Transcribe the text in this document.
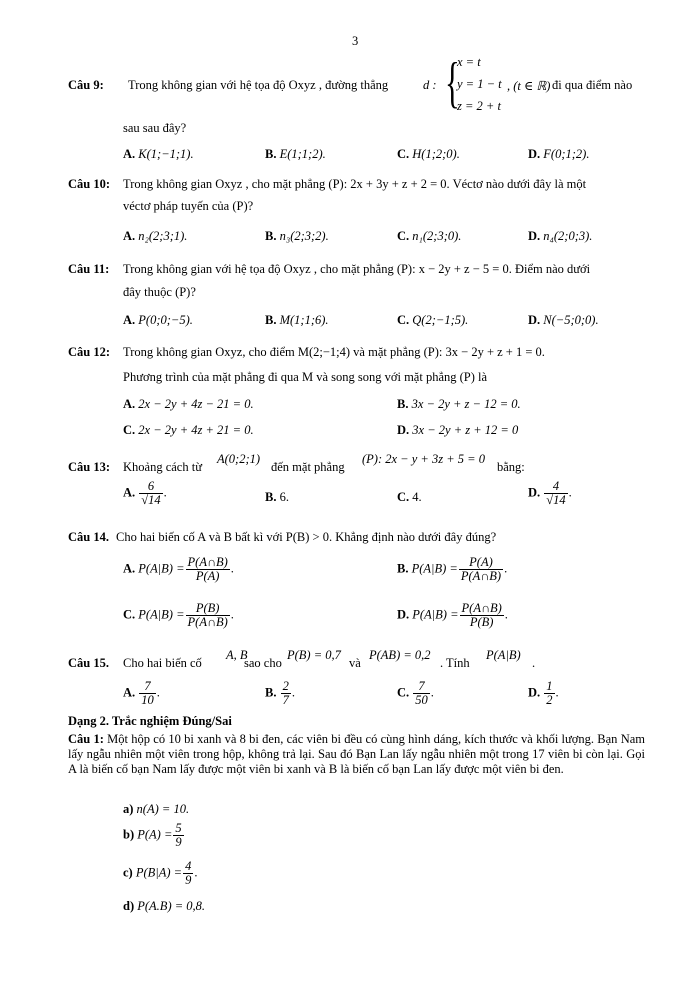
3
Câu 9: Trong không gian với hệ tọa độ Oxyz , đường thẳng	d : {
x = t
y = 1 − t
z = 2 + t
, (t ∈ ℝ) đi qua điểm nào
sau sau đây?
A. K(1;−1;1).	B. E(1;1;2).	C. H(1;2;0).	D. F(0;1;2).
Câu 10: Trong không gian Oxyz , cho mặt phẳng (P): 2x + 3y + z + 2 = 0. Véctơ nào dưới đây là một
véctơ pháp tuyến của (P)?
A. n₂(2;3;1).	B. n₃(2;3;2).	C. n₁(2;3;0).	D. n₄(2;0;3).
Câu 11: Trong không gian với hệ tọa độ Oxyz , cho mặt phẳng (P): x − 2y + z − 5 = 0. Điểm nào dưới
đây thuộc (P)?
A. P(0;0;−5).	B. M(1;1;6).	C. Q(2;−1;5).	D. N(−5;0;0).
Câu 12: Trong không gian Oxyz, cho điểm M(2;−1;4) và mặt phẳng (P): 3x − 2y + z + 1 = 0.
Phương trình của mặt phẳng đi qua M và song song với mặt phẳng (P) là
A. 2x − 2y + 4z − 21 = 0.	B. 3x − 2y + z − 12 = 0.
C. 2x − 2y + 4z + 21 = 0.	D. 3x − 2y + z + 12 = 0
Câu 13: Khoảng cách từ
A(0;2;1)
đến mặt phẳng
(P): 2x − y + 3z + 5 = 0
bằng:
A. $\frac{6}{√14}$ .	B. 6.	C. 4.	D. $\frac{4}{√14}$ .
Câu 14. Cho hai biến cố A và B bất kì với P(B) > 0. Khẳng định nào dưới đây đúng?
A. $P(A|B) = \frac{P(A\cap B)}{P(A)}$ .	B. $P(A|B) = \frac{P(A)}{P(A\cap B)}$ .
C. $P(A|B) = \frac{P(B)}{P(A\cap B)}$ .	D. $P(A|B) = \frac{P(A\cap B)}{P(B)}$ .
Câu 15. Cho hai biến cố
A, B
sao cho
P(B) = 0,7
và
P(AB) = 0,2
. Tính
P(A|B)
.
A. $\frac{7}{10}$ .	B. $\frac{2}{7}$ .	C. $\frac{7}{50}$ .	D. $\frac{1}{2}$ .
Dạng 2. Trắc nghiệm Đúng/Sai
Câu 1: Một hộp có 10 bi xanh và 8 bi đen, các viên bi đều có cùng hình dáng, kích thước và khối lượng. Bạn Nam lấy ngẫu nhiên một viên trong hộp, không trả lại. Sau đó Bạn Lan lấy ngẫu nhiên một trong 17 viên bi còn lại. Gọi A là biến cố bạn Nam lấy được một viên bi xanh và B là biến cố bạn Lan lấy được một viên bi đen.
a) n(A) = 10.
b) $P(A) = \frac{5}{9}$
c) $P(B|A) = \frac{4}{9}$ .
d) P(A.B) = 0,8.
